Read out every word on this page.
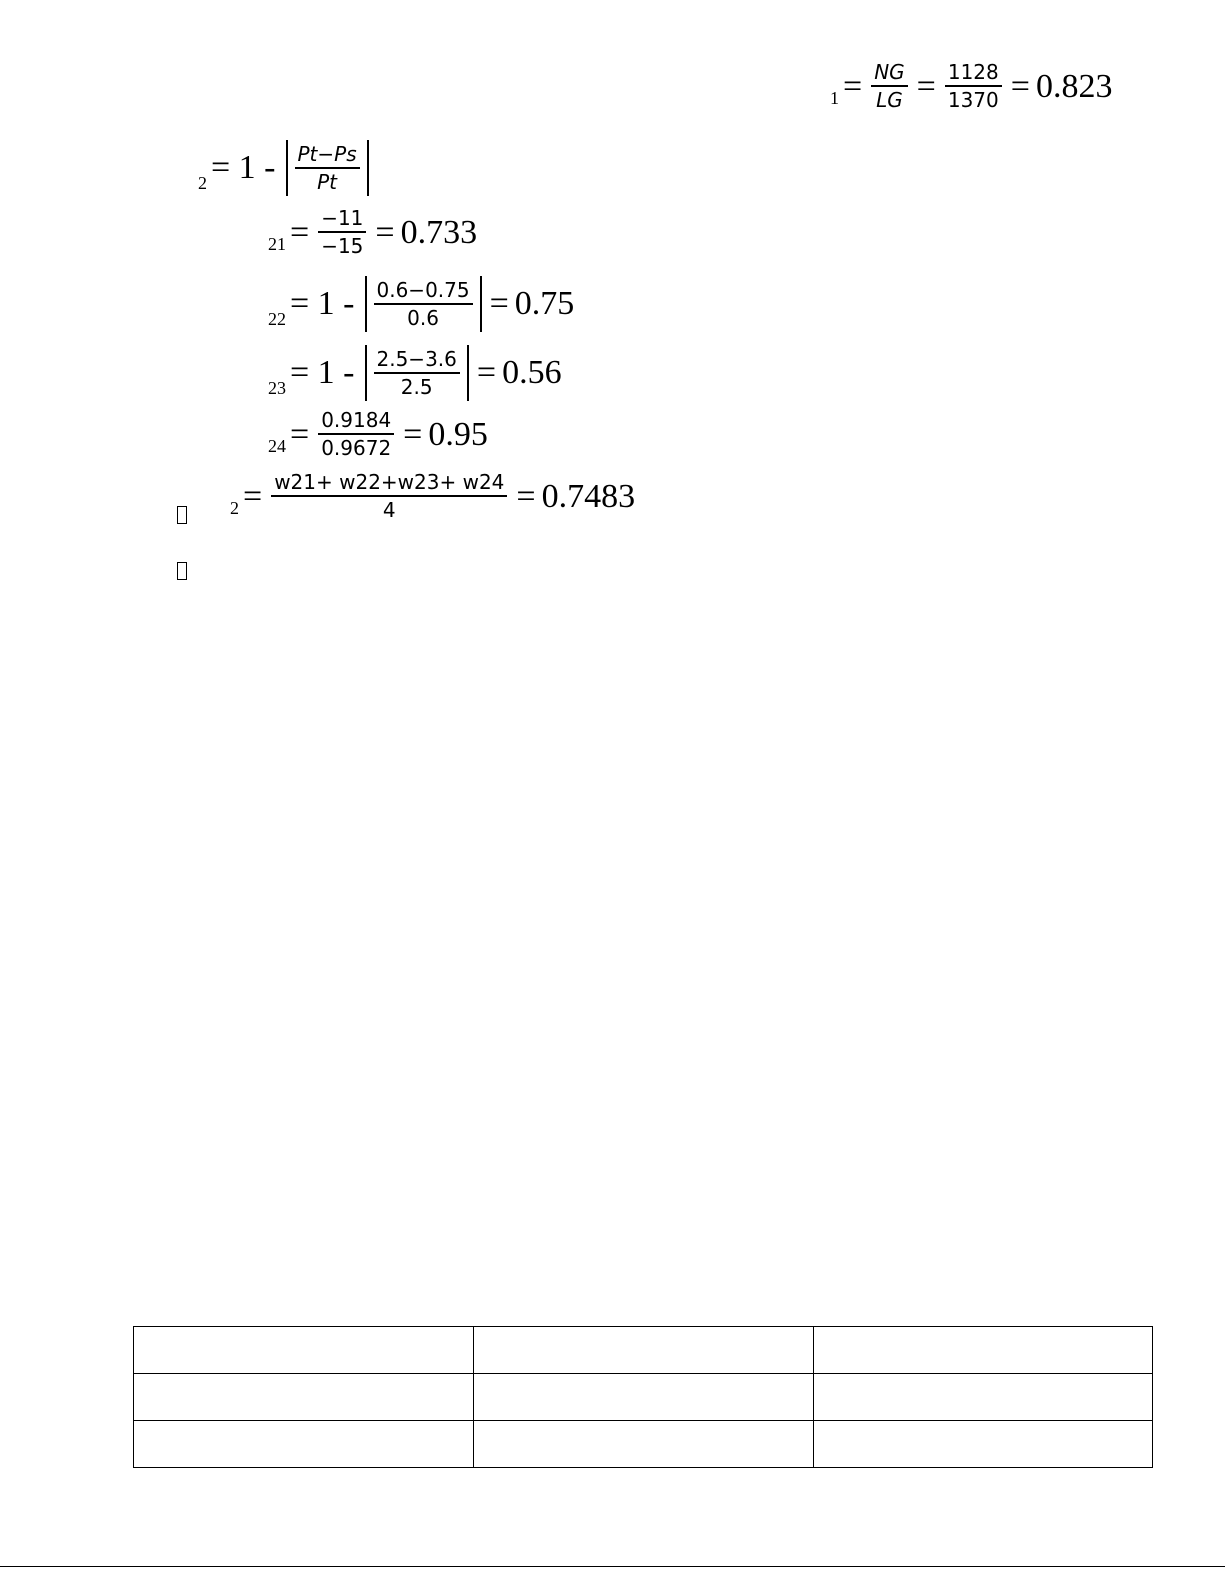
$1 = \frac{NG}{LG} = \frac{1128}{1370} = 0.823$
$2 = 1 - \frac{Pt-Ps}{Pt}$
$21 = \frac{-11}{-15} = 0.733$
$22 = 1 - \frac{0.6-0.75}{0.6} = 0.75$
$23 = 1 - \frac{2.5-3.6}{2.5} = 0.56$
$24 = \frac{0.9184}{0.9672} = 0.95$
$2 = \frac{w21+ w22+w23+ w24}{4} = 0.7483$
